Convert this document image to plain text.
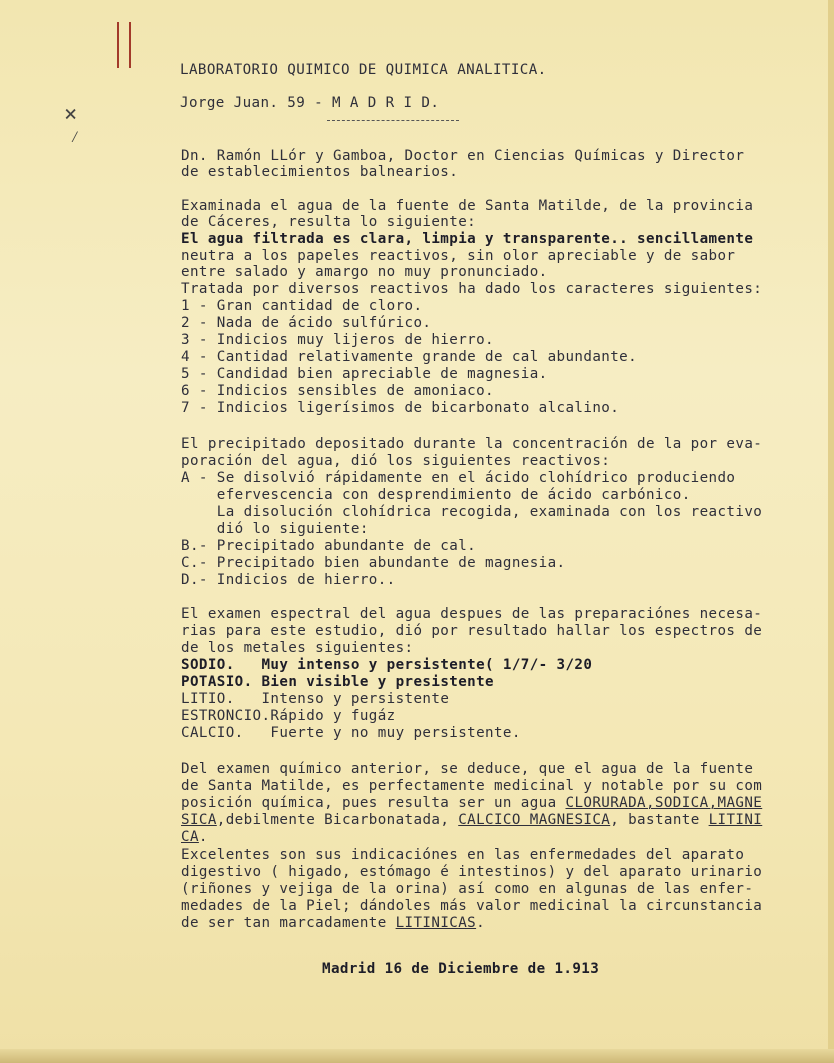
×
⁄
LABORATORIO QUIMICO DE QUIMICA ANALITICA.
Jorge Juan. 59 - M A D R I D.
Dn. Ramón LLór y Gamboa, Doctor en Ciencias Químicas y Director
de establecimientos balnearios.
Examinada el agua de la fuente de Santa Matilde, de la provincia
de Cáceres, resulta lo siguiente:
El agua filtrada es clara, limpia y transparente.. sencillamente
neutra a los papeles reactivos, sin olor apreciable y de sabor
entre salado y amargo no muy pronunciado.
Tratada por diversos reactivos ha dado los caracteres siguientes:
1 - Gran cantidad de cloro.
2 - Nada de ácido sulfúrico.
3 - Indicios muy lijeros de hierro.
4 - Cantidad relativamente grande de cal abundante.
5 - Candidad bien apreciable de magnesia.
6 - Indicios sensibles de amoniaco.
7 - Indicios ligerísimos de bicarbonato alcalino.
El precipitado depositado durante la concentración de la por eva-
poración del agua, dió los siguientes reactivos:
A - Se disolvió rápidamente en el ácido clohídrico produciendo
efervescencia con desprendimiento de ácido carbónico.
La disolución clohídrica recogida, examinada con los reactivo
dió lo siguiente:
B.- Precipitado abundante de cal.
C.- Precipitado bien abundante de magnesia.
D.- Indicios de hierro..
El examen espectral del agua despues de las preparaciónes necesa-
rias para este estudio, dió por resultado hallar los espectros de
de los metales siguientes:
SODIO.   Muy intenso y persistente( 1/7/- 3/20
POTASIO. Bien visible y presistente
LITIO.   Intenso y persistente
ESTRONCIO.Rápido y fugáz
CALCIO.   Fuerte y no muy persistente.
Del examen químico anterior, se deduce, que el agua de la fuente
de Santa Matilde, es perfectamente medicinal y notable por su com
posición química, pues resulta ser un agua CLORURADA,SODICA,MAGNE
SICA,debilmente Bicarbonatada, CALCICO MAGNESICA, bastante LITINI
CA.
Excelentes son sus indicaciónes en las enfermedades del aparato
digestivo ( higado, estómago é intestinos) y del aparato urinario
(riñones y vejiga de la orina) así como en algunas de las enfer-
medades de la Piel; dándoles más valor medicinal la circunstancia
de ser tan marcadamente LITINICAS.
Madrid 16 de Diciembre de 1.913
